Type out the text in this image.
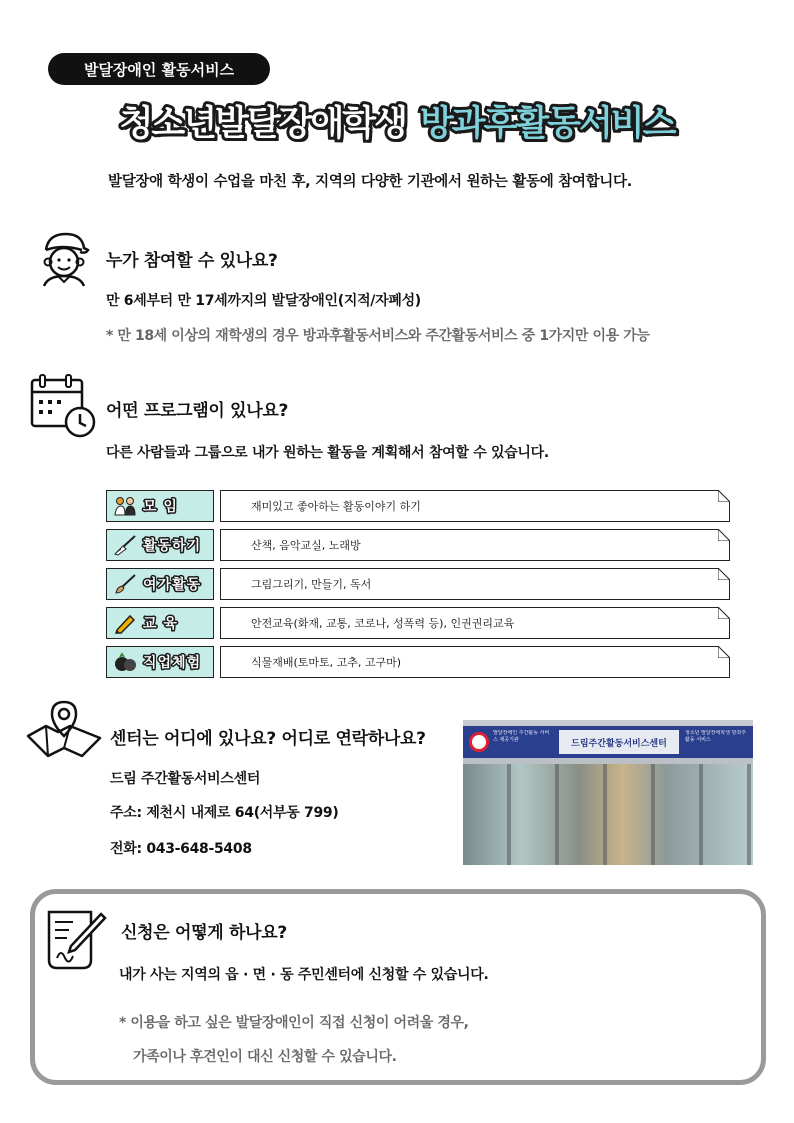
발달장애인 활동서비스
청소년발달장애학생 방과후활동서비스
발달장애 학생이 수업을 마친 후, 지역의 다양한 기관에서 원하는 활동에 참여합니다.
누가 참여할 수 있나요?
만 6세부터 만 17세까지의 발달장애인(지적/자폐성)
* 만 18세 이상의 재학생의 경우 방과후활동서비스와 주간활동서비스 중 1가지만 이용 가능
어떤 프로그램이 있나요?
다른 사람들과 그룹으로 내가 원하는 활동을 계획해서 참여할 수 있습니다.
모 임	재미있고 좋아하는 활동이야기 하기
활동하기	산책, 음악교실, 노래방
여가활동	그림그리기, 만들기, 독서
교 육	안전교육(화재, 교통, 코로나, 성폭력 등), 인권권리교육
직업체험	식물재배(토마토, 고추, 고구마)
센터는 어디에 있나요? 어디로 연락하나요?
드림 주간활동서비스센터
주소: 제천시 내제로 64(서부동 799)
전화: 043-648-5408
발달장애인 주간활동 서비스 제공기관	드림주간활동서비스센터
청소년 발달장애학생 방과후활동 서비스
신청은 어떻게 하나요?
내가 사는 지역의 읍 · 면 · 동 주민센터에 신청할 수 있습니다.
* 이용을 하고 싶은 발달장애인이 직접 신청이 어려울 경우,
가족이나 후견인이 대신 신청할 수 있습니다.
